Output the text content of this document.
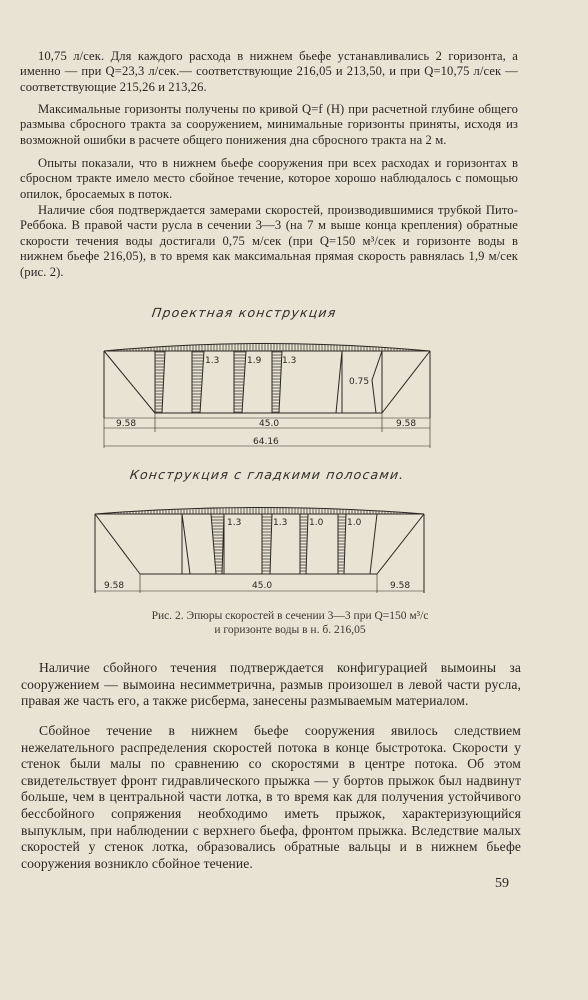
10,75 л/сек. Для каждого расхода в нижнем бьефе устанавливались 2 горизонта, а именно — при Q=23,3 л/сек.— соответствующие 216,05 и 213,50, и при Q=10,75 л/сек — соответствующие 215,26 и 213,26.

Максимальные горизонты получены по кривой Q=f (H) при расчетной глубине общего размыва сбросного тракта за сооружением, минимальные горизонты приняты, исходя из возможной ошибки в расчете общего понижения дна сбросного тракта на 2 м.

Опыты показали, что в нижнем бьефе сооружения при всех расходах и горизонтах в сбросном тракте имело место сбойное течение, которое хорошо наблюдалось с помощью опилок, бросаемых в поток.

Наличие сбоя подтверждается замерами скоростей, производившимися трубкой Пито-Реббока. В правой части русла в сечении 3—3 (на 7 м выше конца крепления) обратные скорости течения воды достигали 0,75 м/сек (при Q=150 м³/сек и горизонте воды в нижнем бьефе 216,05), в то время как максимальная прямая скорость равнялась 1,9 м/сек (рис. 2).

Проектная конструкция
Конструкция с гладкими полосами.
1.3	1.9 1.3
0.75
9.58	45.0	9.58
64.16
1.3	1.3 1.0	1.0
9.58	45.0	9.58
Рис. 2. Эпюры скоростей в сечении 3—3 при Q=150 м³/с
и горизонте воды в н. б. 216,05

Наличие сбойного течения подтверждается конфигурацией вымоины за сооружением — вымоина несимметрична, размыв произошел в левой части русла, правая же часть его, а также рисберма, занесены размываемым материалом.

Сбойное течение в нижнем бьефе сооружения явилось следствием нежелательного распределения скоростей потока в конце быстротока. Скорости у стенок были малы по сравнению со скоростями в центре потока. Об этом свидетельствует фронт гидравлического прыжка — у бортов прыжок был надвинут больше, чем в центральной части лотка, в то время как для получения устойчивого бессбойного сопряжения необходимо иметь прыжок, характеризующийся выпуклым, при наблюдении с верхнего бьефа, фронтом прыжка. Вследствие малых скоростей у стенок лотка, образовались обратные вальцы и в нижнем бьефе сооружения возникло сбойное течение.

59
